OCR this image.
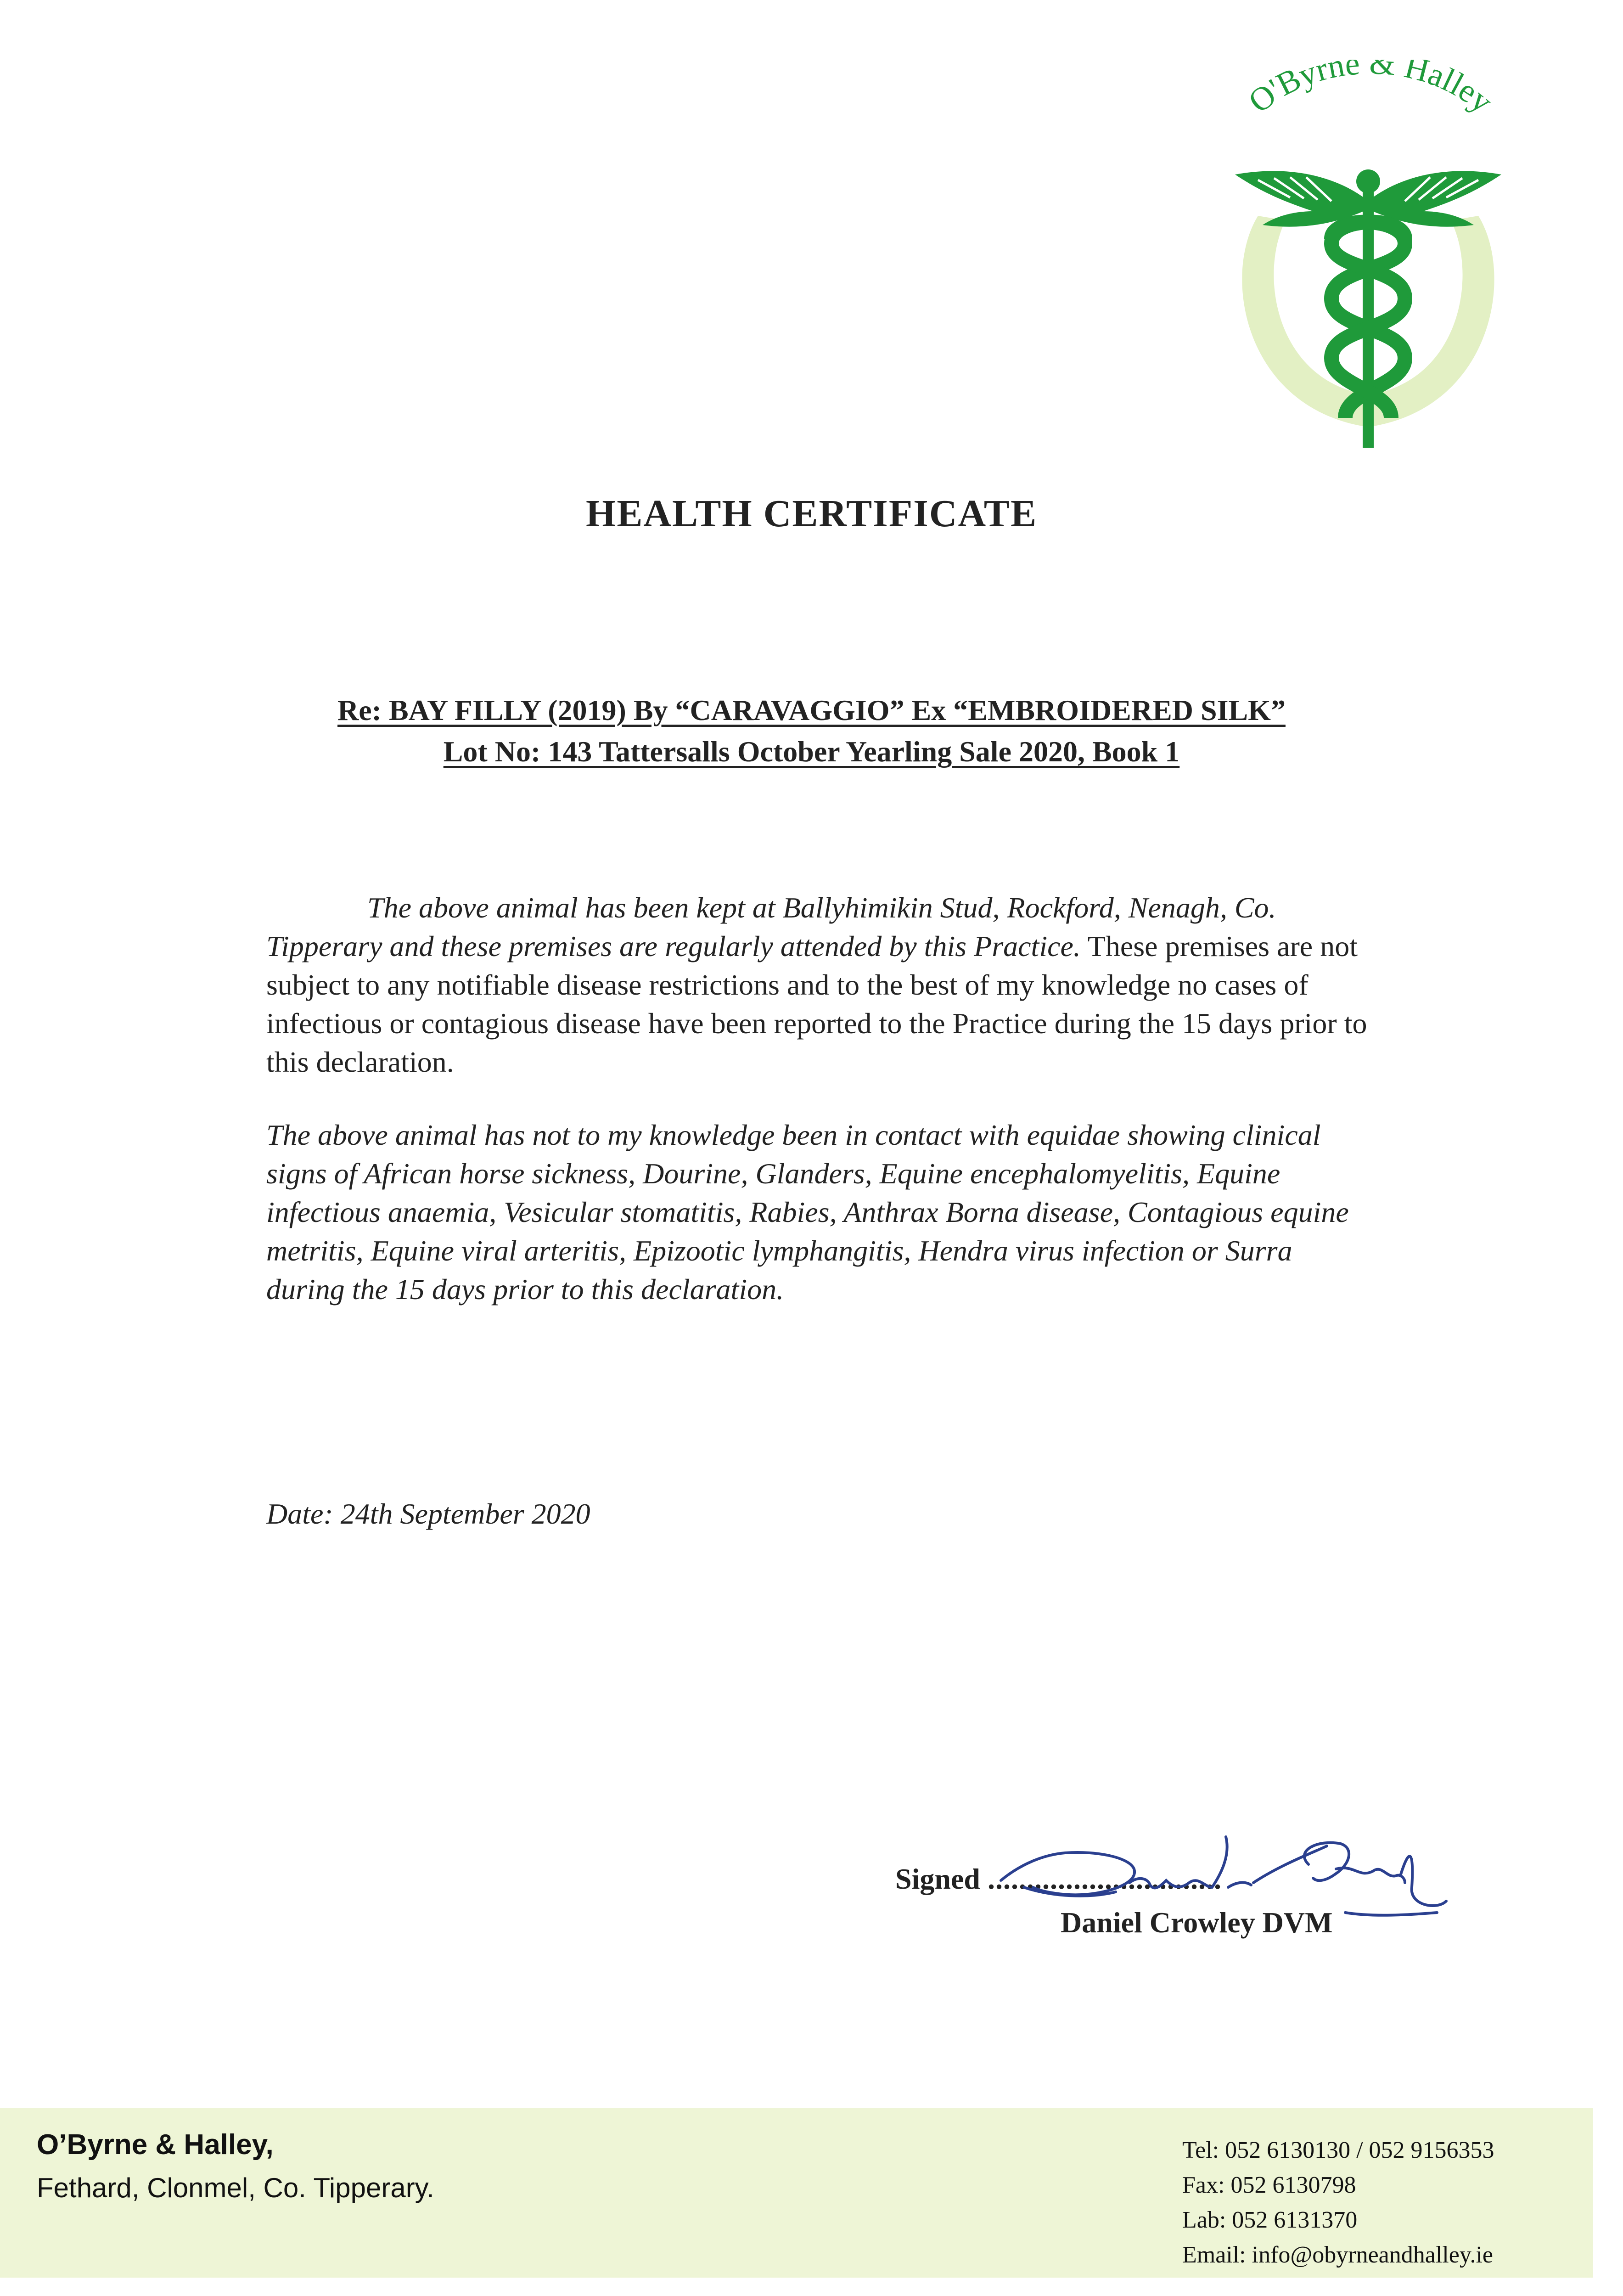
O'Byrne & Halley
HEALTH CERTIFICATE
Re: BAY FILLY (2019) By “CARAVAGGIO” Ex “EMBROIDERED SILK”
Lot No: 143 Tattersalls October Yearling Sale 2020, Book 1
The above animal has been kept at Ballyhimikin Stud, Rockford, Nenagh, Co. Tipperary and these premises are regularly attended by this Practice. These premises are not subject to any notifiable disease restrictions and to the best of my knowledge no cases of infectious or contagious disease have been reported to the Practice during the 15 days prior to this declaration.
The above animal has not to my knowledge been in contact with equidae showing clinical signs of African horse sickness, Dourine, Glanders, Equine encephalomyelitis, Equine infectious anaemia, Vesicular stomatitis, Rabies, Anthrax Borna disease, Contagious equine metritis, Equine viral arteritis, Epizootic lymphangitis, Hendra virus infection or Surra during the 15 days prior to this declaration.
Date: 24th September 2020
Signed ..............................
Daniel Crowley DVM
O’Byrne & Halley,
Fethard, Clonmel, Co. Tipperary.
Tel: 052 6130130 / 052 9156353
Fax: 052 6130798
Lab: 052 6131370
Email: info@obyrneandhalley.ie
